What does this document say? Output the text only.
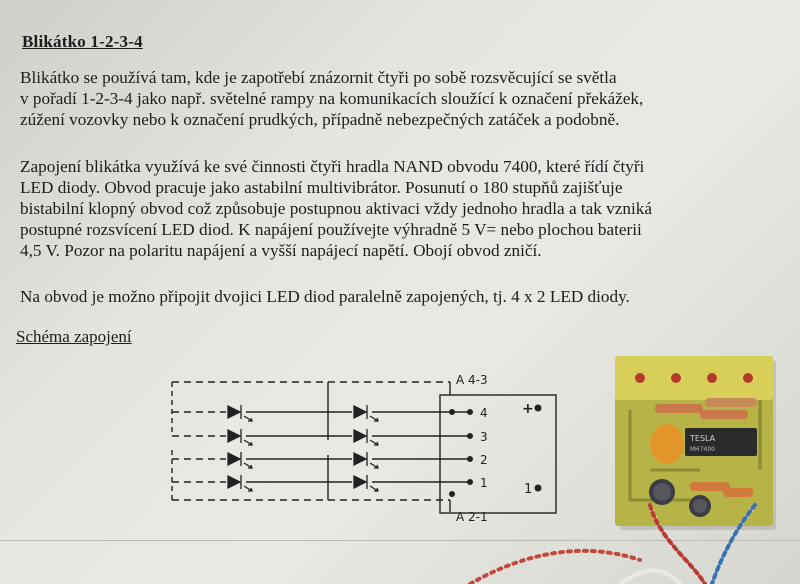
Blikátko 1-2-3-4
Blikátko se používá tam, kde je zapotřebí znázornit čtyři po sobě rozsvěcující se světla
v pořadí 1-2-3-4 jako např. světelné rampy na komunikacích sloužící k označení překážek,
zúžení vozovky nebo k označení prudkých, případně nebezpečných zatáček a podobně.
Zapojení blikátka využívá ke své činnosti čtyři hradla NAND obvodu 7400, které řídí čtyři
LED diody. Obvod pracuje jako astabilní multivibrátor. Posunutí o 180 stupňů zajišťuje
bistabilní klopný obvod což způsobuje postupnou aktivaci vždy jednoho hradla a tak vzniká
postupné rozsvícení LED diod. K napájení používejte výhradně 5 V= nebo plochou baterii
4,5 V. Pozor na polaritu napájení a vyšší napájecí napětí. Obojí obvod zničí.
Na obvod je možno připojit dvojici LED diod paralelně zapojených, tj. 4 x 2 LED diody.
Schéma zapojení
A 4-3
A 2-1
4
3
2
1
+
1
TESLA
MH7400
